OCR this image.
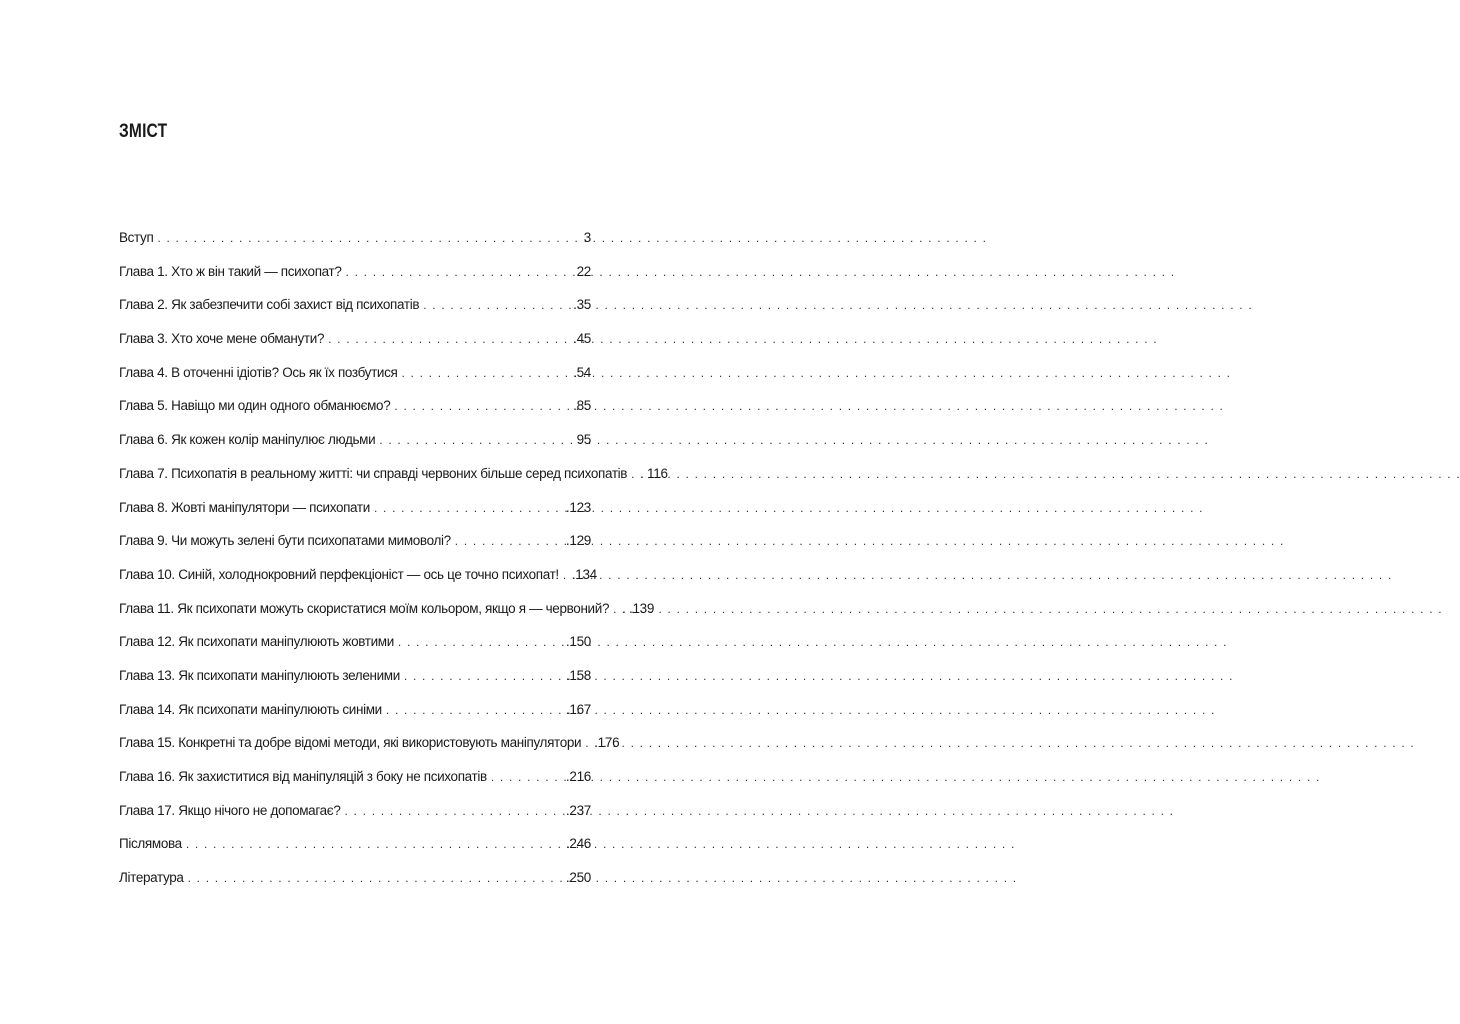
ЗМІСТ
Вступ . . .	3
Глава 1. Хто ж він такий — психопат? . . .	22
Глава 2. Як забезпечити собі захист від психопатів . . .	.35
Глава 3. Хто хоче мене обманути? . . .	.45
Глава 4. В оточенні ідіотів? Ось як їх позбутися . . .	.54
Глава 5. Навіщо ми один одного обманюємо? . . .	.85
Глава 6. Як кожен колір маніпулює людьми . . .	95
Глава 7. Психопатія в реальному житті: чи справді червоних більше серед психопатів . . . . 116
Глава 8. Жовті маніпулятори — психопати . . .	.123
Глава 9. Чи можуть зелені бути психопатами мимоволі? . . .	.129
Глава 10. Синій, холоднокровний перфекціоніст — ось це точно психопат! . . . .134
Глава 11. Як психопати можуть скористатися моїм кольором, якщо я — червоний? . . . . .139
Глава 12. Як психопати маніпулюють жовтими . . .	.150
Глава 13. Як психопати маніпулюють зеленими . . .	.158
Глава 14. Як психопати маніпулюють синіми . . .	.167
Глава 15. Конкретні та добре відомі методи, які використовують маніпулятори . . . .176
Глава 16. Як захиститися від маніпуляцій з боку не психопатів . . .	.216
Глава 17. Якщо нічого не допомагає? . . .	.237
Післямова . . .	.246
Література . . .	.250
